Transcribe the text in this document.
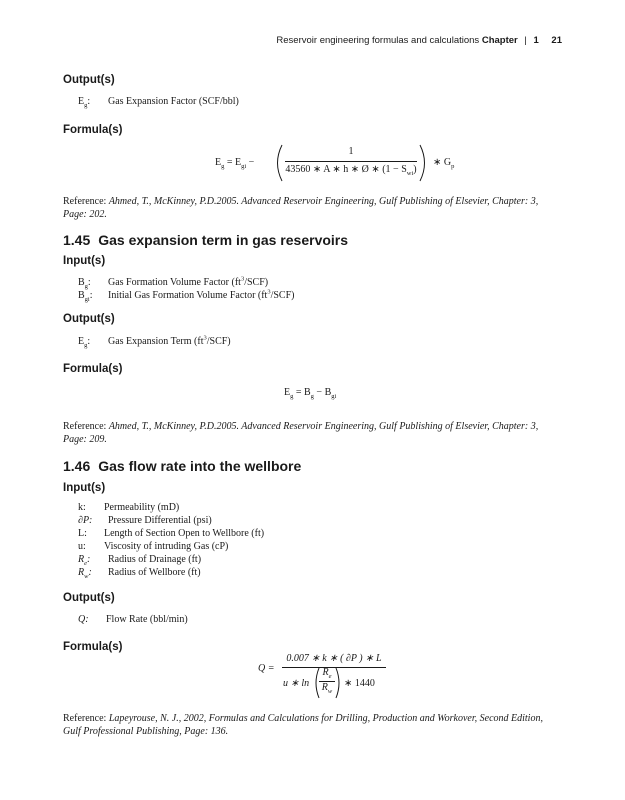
Reservoir engineering formulas and calculations Chapter | 1 21
Output(s)
$E_g$: Gas Expansion Factor (SCF/bbl)
Formula(s)
$E_g = E_{gi}$ −
1
43560 ∗ A ∗ h ∗ Ø ∗ $(1 - S_{wi})$
∗ $G_p$
Reference: Ahmed, T., McKinney, P.D.2005. Advanced Reservoir Engineering, Gulf Publishing of Elsevier, Chapter: 3, Page: 202.
1.45 Gas expansion term in gas reservoirs
Input(s)
$B_g$: Gas Formation Volume Factor $(ft^3/SCF)$
$B_{gi}$: Initial Gas Formation Volume Factor $(ft^3/SCF)$
Output(s)
$E_g$: Gas Expansion Term $(ft^3/SCF)$
Formula(s)
$E_g = B_g - B_{gi}$
Reference: Ahmed, T., McKinney, P.D.2005. Advanced Reservoir Engineering, Gulf Publishing of Elsevier, Chapter: 3, Page: 209.
1.46 Gas flow rate into the wellbore
Input(s)
k: Permeability (mD)
∂P: Pressure Differential (psi)
L: Length of Section Open to Wellbore (ft)
u: Viscosity of intruding Gas (cP)
$R_e$: Radius of Drainage (ft)
$R_w$: Radius of Wellbore (ft)
Output(s)
Q: Flow Rate (bbl/min)
Formula(s)
Q =
0.007 ∗ k ∗ ( ∂P ) ∗ L
u ∗ ln
$R_e$
$R_w$
∗ 1440
Reference: Lapeyrouse, N. J., 2002, Formulas and Calculations for Drilling, Production and Workover, Second Edition, Gulf Professional Publishing, Page: 136.
